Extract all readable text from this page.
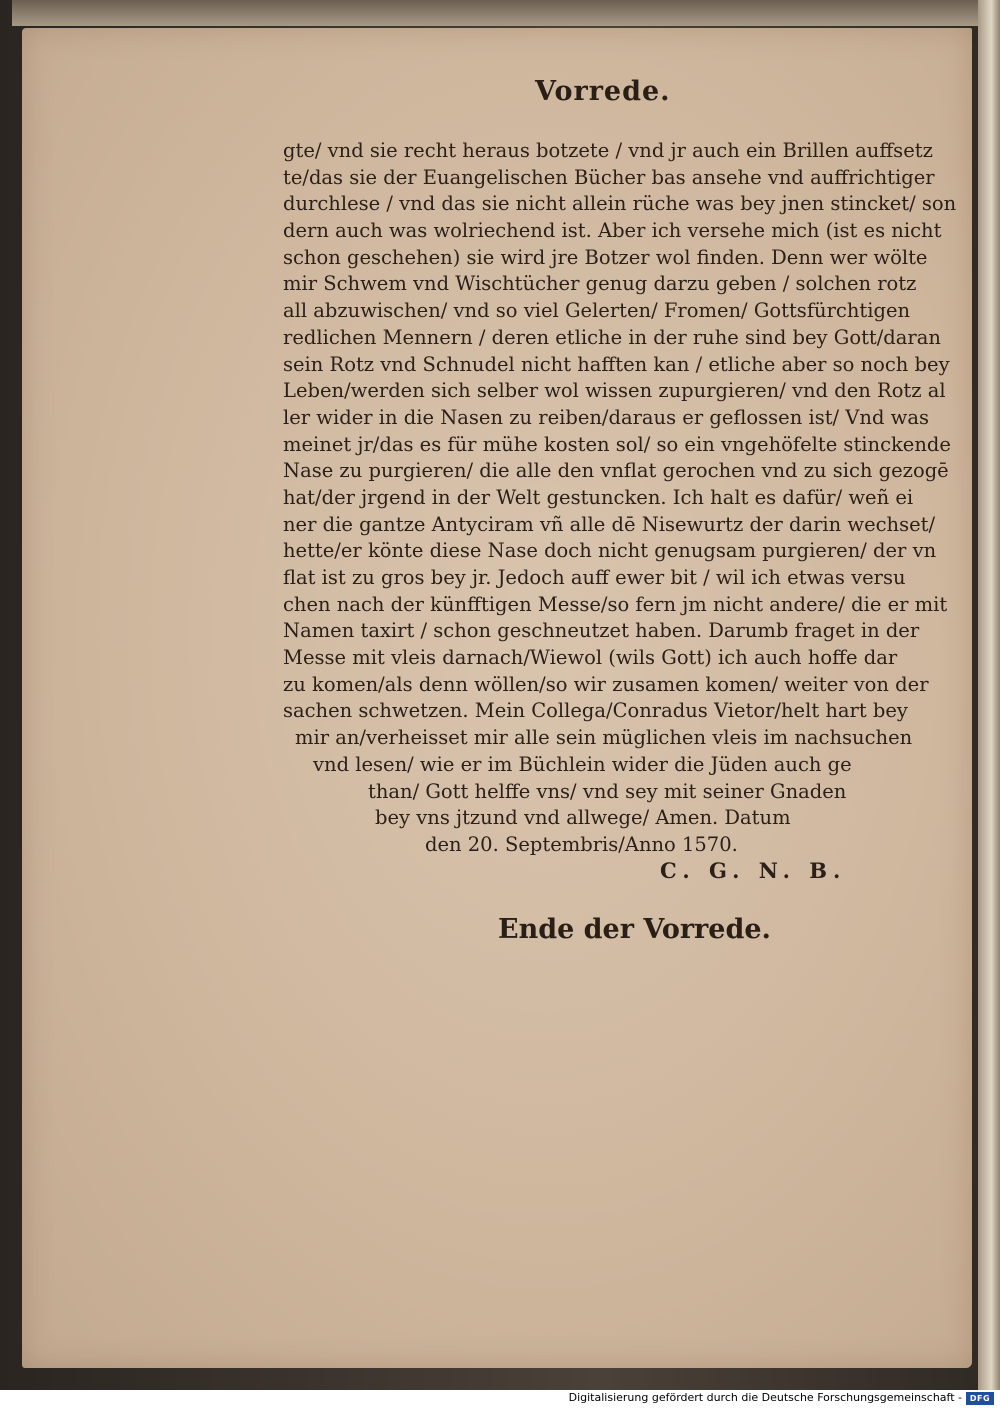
Vorrede.
gte/ vnd sie recht heraus botzete / vnd jr auch ein Brillen auffsetz
te/das sie der Euangelischen Bücher bas ansehe vnd auffrichtiger
durchlese / vnd das sie nicht allein rüche was bey jnen stincket/ son
dern auch was wolriechend ist. Aber ich versehe mich (ist es nicht
schon geschehen) sie wird jre Botzer wol finden. Denn wer wölte
mir Schwem vnd Wischtücher genug darzu geben / solchen rotz
all abzuwischen/ vnd so viel Gelerten/ Fromen/ Gottsfürchtigen
redlichen Mennern / deren etliche in der ruhe sind bey Gott/daran
sein Rotz vnd Schnudel nicht hafften kan / etliche aber so noch bey
Leben/werden sich selber wol wissen zupurgieren/ vnd den Rotz al
ler wider in die Nasen zu reiben/daraus er geflossen ist/ Vnd was
meinet jr/das es für mühe kosten sol/ so ein vngehöfelte stinckende
Nase zu purgieren/ die alle den vnflat gerochen vnd zu sich gezogē
hat/der jrgend in der Welt gestuncken. Ich halt es dafür/ weñ ei
ner die gantze Antyciram vñ alle dē Nisewurtz der darin wechset/
hette/er könte diese Nase doch nicht genugsam purgieren/ der vn
flat ist zu gros bey jr. Jedoch auff ewer bit / wil ich etwas versu
chen nach der künfftigen Messe/so fern jm nicht andere/ die er mit
Namen taxirt / schon geschneutzet haben. Darumb fraget in der
Messe mit vleis darnach/Wiewol (wils Gott) ich auch hoffe dar
zu komen/als denn wöllen/so wir zusamen komen/ weiter von der
sachen schwetzen. Mein Collega/Conradus Vietor/helt hart bey
mir an/verheisset mir alle sein müglichen vleis im nachsuchen
vnd lesen/ wie er im Büchlein wider die Jüden auch ge
than/ Gott helffe vns/ vnd sey mit seiner Gnaden
bey vns jtzund vnd allwege/ Amen. Datum
den 20. Septembris/Anno 1570.
C. G. N. B.
Ende der Vorrede.
Digitalisierung gefördert durch die Deutsche Forschungsgemeinschaft - DFG
